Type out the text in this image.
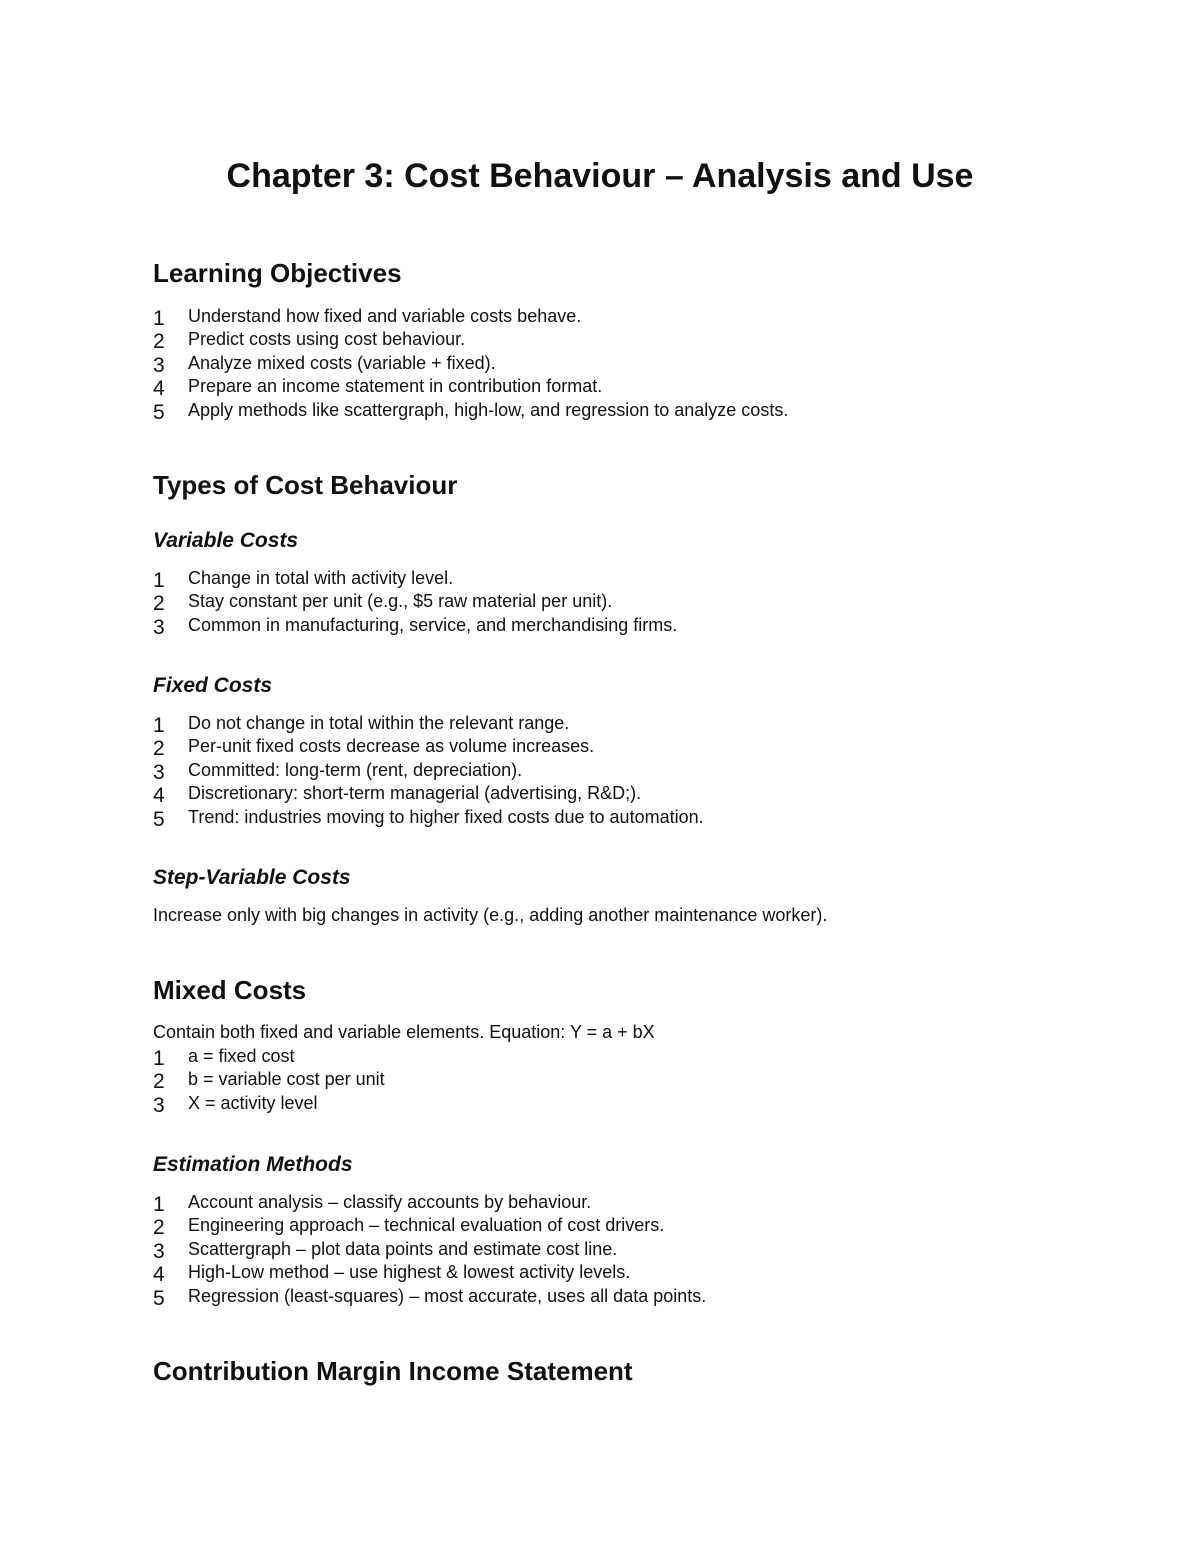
Chapter 3: Cost Behaviour – Analysis and Use
Learning Objectives
1 Understand how fixed and variable costs behave.
2 Predict costs using cost behaviour.
3 Analyze mixed costs (variable + fixed).
4 Prepare an income statement in contribution format.
5 Apply methods like scattergraph, high-low, and regression to analyze costs.
Types of Cost Behaviour
Variable Costs
1 Change in total with activity level.
2 Stay constant per unit (e.g., $5 raw material per unit).
3 Common in manufacturing, service, and merchandising firms.
Fixed Costs
1 Do not change in total within the relevant range.
2 Per-unit fixed costs decrease as volume increases.
3 Committed: long-term (rent, depreciation).
4 Discretionary: short-term managerial (advertising, R&D;).
5 Trend: industries moving to higher fixed costs due to automation.
Step-Variable Costs

Increase only with big changes in activity (e.g., adding another maintenance worker).

Mixed Costs

Contain both fixed and variable elements. Equation: Y = a + bX

1 a = fixed cost
2 b = variable cost per unit
3 X = activity level
Estimation Methods
1 Account analysis – classify accounts by behaviour.
2 Engineering approach – technical evaluation of cost drivers.
3 Scattergraph – plot data points and estimate cost line.
4 High-Low method – use highest & lowest activity levels.
5 Regression (least-squares) – most accurate, uses all data points.
Contribution Margin Income Statement
